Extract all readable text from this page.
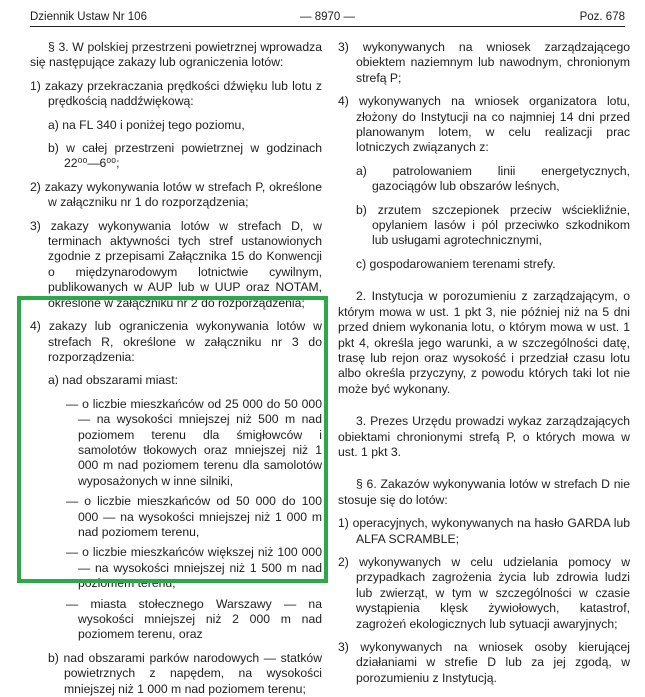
Dziennik Ustaw Nr 106	— 8970 —	Poz. 678

§ 3. W polskiej przestrzeni powietrznej wprowadza się następujące zakazy lub ograniczenia lotów:

1) zakazy przekraczania prędkości dźwięku lub lotu z prędkością naddźwiękową:

a) na FL 340 i poniżej tego poziomu,

b) w całej przestrzeni powietrznej w godzinach 22⁰⁰—6⁰⁰;

2) zakazy wykonywania lotów w strefach P, określone w załączniku nr 1 do rozporządzenia;

3) zakazy wykonywania lotów w strefach D, w terminach aktywności tych stref ustanowionych zgodnie z przepisami Załącznika 15 do Konwencji o międzynarodowym lotnictwie cywilnym, publikowanych w AUP lub w UUP oraz NOTAM, określone w załączniku nr 2 do rozporządzenia;

4) zakazy lub ograniczenia wykonywania lotów w strefach R, określone w załączniku nr 3 do rozporządzenia:

a) nad obszarami miast:

— o liczbie mieszkańców od 25 000 do 50 000 — na wysokości mniejszej niż 500 m nad poziomem terenu dla śmigłowców i samolotów tłokowych oraz mniejszej niż 1 000 m nad poziomem terenu dla samolotów wyposażonych w inne silniki,

— o liczbie mieszkańców od 50 000 do 100 000 — na wysokości mniejszej niż 1 000 m nad poziomem terenu,

— o liczbie mieszkańców większej niż 100 000 — na wysokości mniejszej niż 1 500 m nad poziomem terenu,

— miasta stołecznego Warszawy — na wysokości mniejszej niż 2 000 m nad poziomem terenu, oraz

b) nad obszarami parków narodowych — statków powietrznych z napędem, na wysokości mniejszej niż 1 000 m nad poziomem terenu;

3) wykonywanych na wniosek zarządzającego obiektem naziemnym lub nawodnym, chronionym strefą P;

4) wykonywanych na wniosek organizatora lotu, złożony do Instytucji na co najmniej 14 dni przed planowanym lotem, w celu realizacji prac lotniczych związanych z:

a) patrolowaniem linii energetycznych, gazociągów lub obszarów leśnych,

b) zrzutem szczepionek przeciw wściekliźnie, opylaniem lasów i pól przeciwko szkodnikom lub usługami agrotechnicznymi,

c) gospodarowaniem terenami strefy.

2. Instytucja w porozumieniu z zarządzającym, o którym mowa w ust. 1 pkt 3, nie później niż na 5 dni przed dniem wykonania lotu, o którym mowa w ust. 1 pkt 4, określa jego warunki, a w szczególności datę, trasę lub rejon oraz wysokość i przedział czasu lotu albo określa przyczyny, z powodu których taki lot nie może być wykonany.

3. Prezes Urzędu prowadzi wykaz zarządzających obiektami chronionymi strefą P, o których mowa w ust. 1 pkt 3.

§ 6. Zakazów wykonywania lotów w strefach D nie stosuje się do lotów:

1) operacyjnych, wykonywanych na hasło GARDA lub ALFA SCRAMBLE;

2) wykonywanych w celu udzielania pomocy w przypadkach zagrożenia życia lub zdrowia ludzi lub zwierząt, w tym w szczególności w czasie wystąpienia klęsk żywiołowych, katastrof, zagrożeń ekologicznych lub sytuacji awaryjnych;

3) wykonywanych na wniosek osoby kierującej działaniami w strefie D lub za jej zgodą, w porozumieniu z Instytucją.
